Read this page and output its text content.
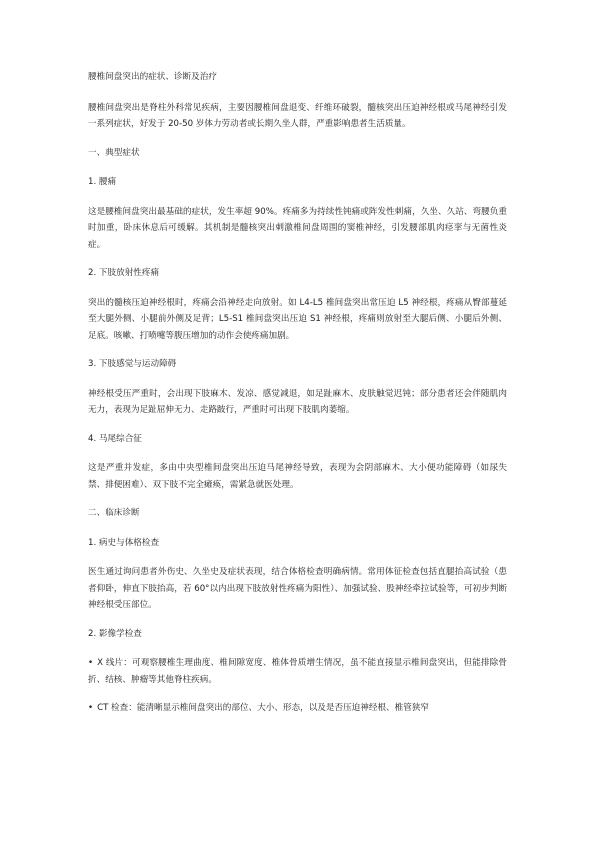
腰椎间盘突出的症状、诊断及治疗

腰椎间盘突出是脊柱外科常见疾病，主要因腰椎间盘退变、纤维环破裂，髓核突出压迫神经根或马尾神经引发一系列症状，好发于 20-50 岁体力劳动者或长期久坐人群，严重影响患者生活质量。

一、典型症状

1. 腰痛

这是腰椎间盘突出最基础的症状，发生率超 90%。疼痛多为持续性钝痛或阵发性刺痛，久坐、久站、弯腰负重时加重，卧床休息后可缓解。其机制是髓核突出刺激椎间盘周围的窦椎神经，引发腰部肌肉痉挛与无菌性炎症。

2. 下肢放射性疼痛

突出的髓核压迫神经根时，疼痛会沿神经走向放射。如 L4-L5 椎间盘突出常压迫 L5 神经根，疼痛从臀部蔓延至大腿外侧、小腿前外侧及足背；L5-S1 椎间盘突出压迫 S1 神经根，疼痛则放射至大腿后侧、小腿后外侧、足底。咳嗽、打喷嚏等腹压增加的动作会使疼痛加剧。

3. 下肢感觉与运动障碍

神经根受压严重时，会出现下肢麻木、发凉、感觉减退，如足趾麻木、皮肤触觉迟钝；部分患者还会伴随肌肉无力，表现为足趾屈伸无力、走路跛行，严重时可出现下肢肌肉萎缩。

4. 马尾综合征

这是严重并发症，多由中央型椎间盘突出压迫马尾神经导致，表现为会阴部麻木、大小便功能障碍（如尿失禁、排便困难）、双下肢不完全瘫痪，需紧急就医处理。

二、临床诊断

1. 病史与体格检查

医生通过询问患者外伤史、久坐史及症状表现，结合体格检查明确病情。常用体征检查包括直腿抬高试验（患者仰卧，伸直下肢抬高，若 60°以内出现下肢放射性疼痛为阳性）、加强试验、股神经牵拉试验等，可初步判断神经根受压部位。

2. 影像学检查

• X 线片：可观察腰椎生理曲度、椎间隙宽度、椎体骨质增生情况，虽不能直接显示椎间盘突出，但能排除骨折、结核、肿瘤等其他脊柱疾病。

• CT 检查：能清晰显示椎间盘突出的部位、大小、形态，以及是否压迫神经根、椎管狭窄
